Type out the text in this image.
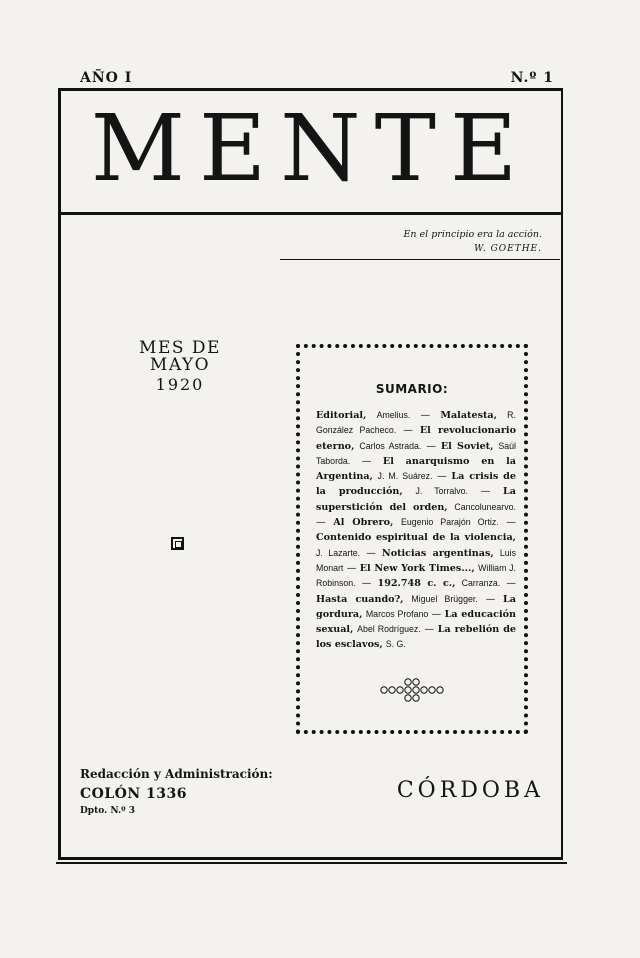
AÑO I	N.º 1
MENTE
En el principio era la acción.
W. GOETHE.
MES DE MAYO
1920	SUMARIO:
Editorial, Amelius. — Malatesta, R. González Pacheco. — El revolucionario eterno, Carlos Astrada. — El Soviet, Saúl Taborda. — El anarquismo en la Argentina, J. M. Suárez. — La crisis de la producción, J. Torralvo. — La superstición del orden, Cancolunearvo. — Al Obrero, Eugenio Parajón Ortiz. — Contenido espiritual de la violencia, J. Lazarte. — Noticias argentinas, Luis Monart — El New York Times..., William J. Robinson. — 192.748 c. c., Carranza. — Hasta cuando?, Miguel Brügger. — La gordura, Marcos Profano — La educación sexual, Abel Rodríguez. — La rebelión de los esclavos, S. G.
Redacción y Administración:
COLÓN 1336
Dpto. N.º 3
CÓRDOBA
